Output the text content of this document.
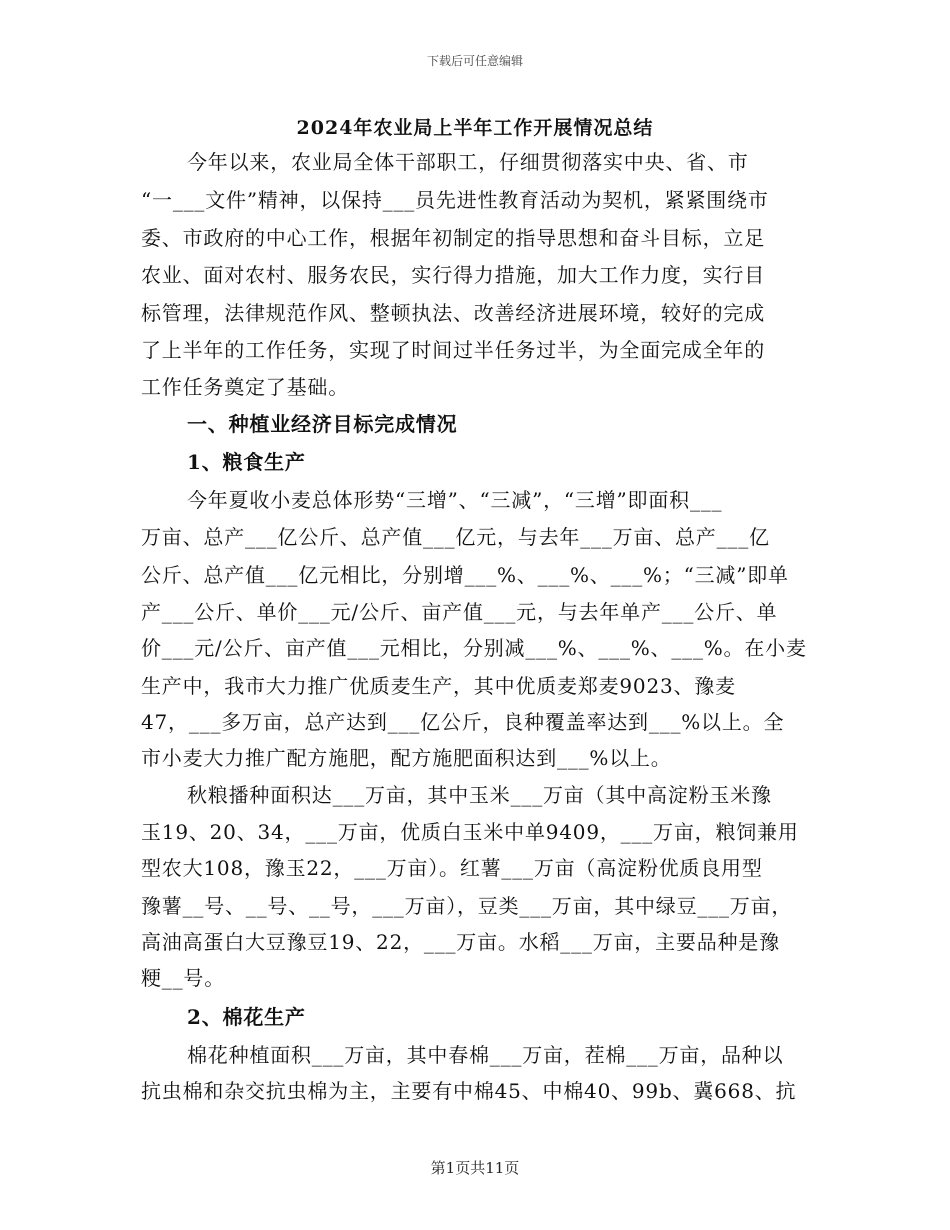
下载后可任意编辑
2024年农业局上半年工作开展情况总结
今年以来，农业局全体干部职工，仔细贯彻落实中央、省、市
“一___文件”精神，以保持___员先进性教育活动为契机，紧紧围绕市
委、市政府的中心工作，根据年初制定的指导思想和奋斗目标，立足
农业、面对农村、服务农民，实行得力措施，加大工作力度，实行目
标管理，法律规范作风、整顿执法、改善经济进展环境，较好的完成
了上半年的工作任务，实现了时间过半任务过半，为全面完成全年的
工作任务奠定了基础。
一、种植业经济目标完成情况
1、粮食生产
今年夏收小麦总体形势“三增”、“三减”，“三增”即面积___
万亩、总产___亿公斤、总产值___亿元，与去年___万亩、总产___亿
公斤、总产值___亿元相比，分别增___%、___%、___%；“三减”即单
产___公斤、单价___元/公斤、亩产值___元，与去年单产___公斤、单
价___元/公斤、亩产值___元相比，分别减___%、___%、___%。在小麦
生产中，我市大力推广优质麦生产，其中优质麦郑麦9023、豫麦
47，___多万亩，总产达到___亿公斤，良种覆盖率达到___%以上。全
市小麦大力推广配方施肥，配方施肥面积达到___%以上。
秋粮播种面积达___万亩，其中玉米___万亩（其中高淀粉玉米豫
玉19、20、34，___万亩，优质白玉米中单9409，___万亩，粮饲兼用
型农大108，豫玉22，___万亩）。红薯___万亩（高淀粉优质良用型
豫薯__号、__号、__号，___万亩），豆类___万亩，其中绿豆___万亩，
高油高蛋白大豆豫豆19、22，___万亩。水稻___万亩，主要品种是豫
粳__号。
2、棉花生产
棉花种植面积___万亩，其中春棉___万亩，茬棉___万亩，品种以
抗虫棉和杂交抗虫棉为主，主要有中棉45、中棉40、99b、冀668、抗
第1页共11页
